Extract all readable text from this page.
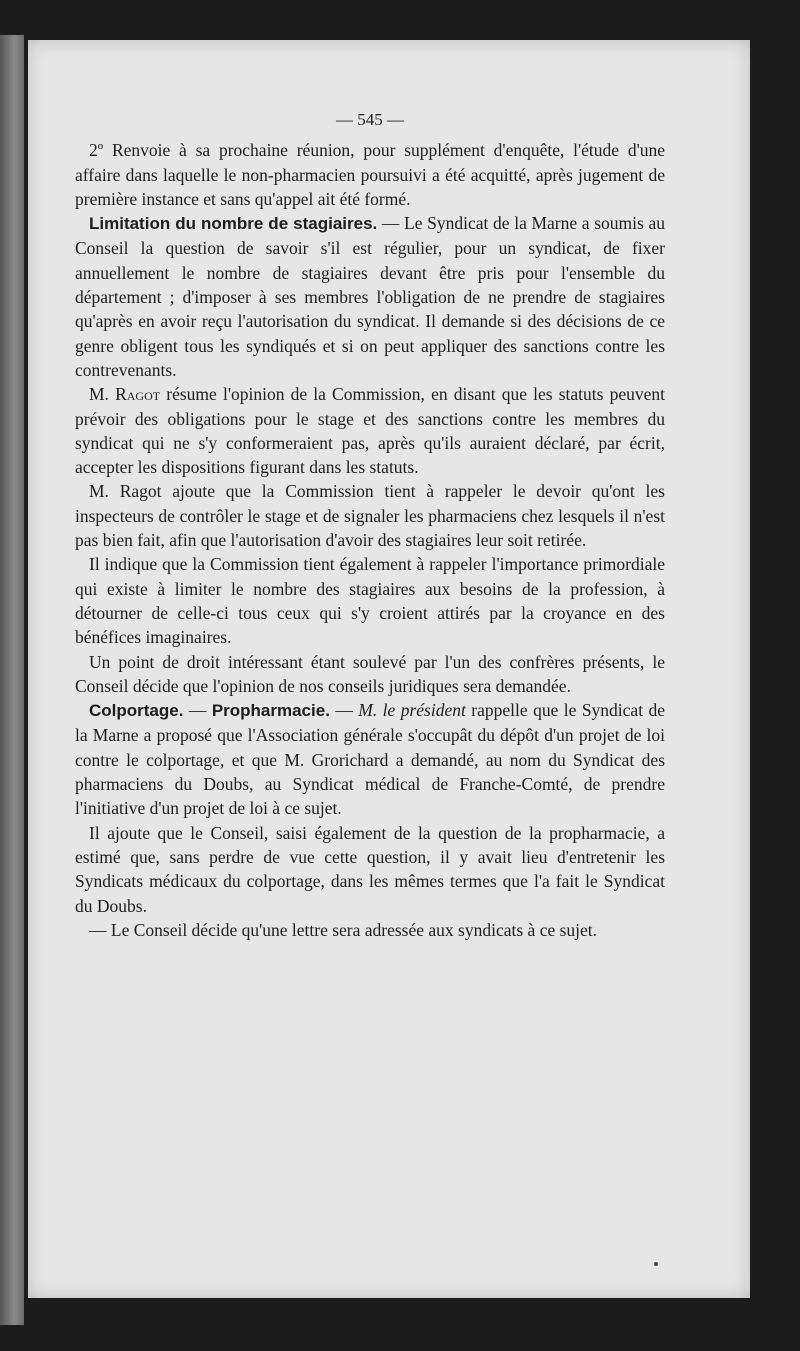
— 545 —

2º Renvoie à sa prochaine réunion, pour supplément d'enquête, l'étude d'une affaire dans laquelle le non-pharmacien poursuivi a été acquitté, après jugement de première instance et sans qu'appel ait été formé.

Limitation du nombre de stagiaires. — Le Syndicat de la Marne a soumis au Conseil la question de savoir s'il est régulier, pour un syndicat, de fixer annuellement le nombre de stagiaires devant être pris pour l'ensemble du département ; d'imposer à ses membres l'obligation de ne prendre de stagiaires qu'après en avoir reçu l'autorisation du syndicat. Il demande si des décisions de ce genre obligent tous les syndiqués et si on peut appliquer des sanctions contre les contrevenants.

M. Ragot résume l'opinion de la Commission, en disant que les statuts peuvent prévoir des obligations pour le stage et des sanctions contre les membres du syndicat qui ne s'y conformeraient pas, après qu'ils auraient déclaré, par écrit, accepter les dispositions figurant dans les statuts.

M. Ragot ajoute que la Commission tient à rappeler le devoir qu'ont les inspecteurs de contrôler le stage et de signaler les pharmaciens chez lesquels il n'est pas bien fait, afin que l'autorisation d'avoir des stagiaires leur soit retirée.

Il indique que la Commission tient également à rappeler l'importance primordiale qui existe à limiter le nombre des stagiaires aux besoins de la profession, à détourner de celle-ci tous ceux qui s'y croient attirés par la croyance en des bénéfices imaginaires.

Un point de droit intéressant étant soulevé par l'un des confrères présents, le Conseil décide que l'opinion de nos conseils juridiques sera demandée.

Colportage. — Propharmacie. — M. le président rappelle que le Syndicat de la Marne a proposé que l'Association générale s'occupât du dépôt d'un projet de loi contre le colportage, et que M. Grorichard a demandé, au nom du Syndicat des pharmaciens du Doubs, au Syndicat médical de Franche-Comté, de prendre l'initiative d'un projet de loi à ce sujet.

Il ajoute que le Conseil, saisi également de la question de la propharmacie, a estimé que, sans perdre de vue cette question, il y avait lieu d'entretenir les Syndicats médicaux du colportage, dans les mêmes termes que l'a fait le Syndicat du Doubs.

— Le Conseil décide qu'une lettre sera adressée aux syndicats à ce sujet.
